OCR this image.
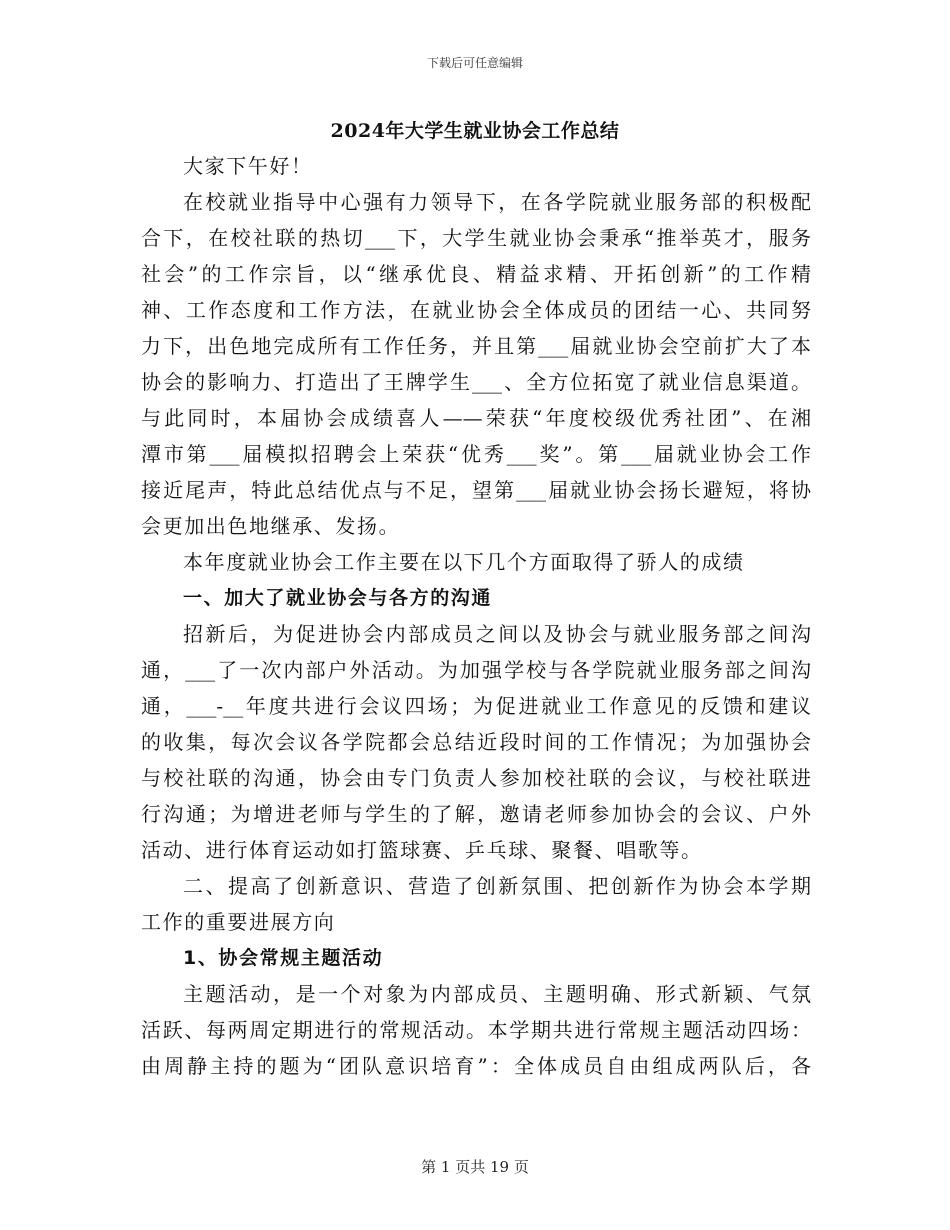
下载后可任意编辑
2024年大学生就业协会工作总结
大家下午好！
在校就业指导中心强有力领导下，在各学院就业服务部的积极配
合下，在校社联的热切___下，大学生就业协会秉承“推举英才，服务
社会”的工作宗旨，以“继承优良、精益求精、开拓创新”的工作精
神、工作态度和工作方法，在就业协会全体成员的团结一心、共同努
力下，出色地完成所有工作任务，并且第___届就业协会空前扩大了本
协会的影响力、打造出了王牌学生___、全方位拓宽了就业信息渠道。
与此同时，本届协会成绩喜人——荣获“年度校级优秀社团”、在湘
潭市第___届模拟招聘会上荣获“优秀___奖”。第___届就业协会工作
接近尾声，特此总结优点与不足，望第___届就业协会扬长避短，将协
会更加出色地继承、发扬。
本年度就业协会工作主要在以下几个方面取得了骄人的成绩
一、加大了就业协会与各方的沟通
招新后，为促进协会内部成员之间以及协会与就业服务部之间沟
通，___了一次内部户外活动。为加强学校与各学院就业服务部之间沟
通，___-__年度共进行会议四场；为促进就业工作意见的反馈和建议
的收集，每次会议各学院都会总结近段时间的工作情况；为加强协会
与校社联的沟通，协会由专门负责人参加校社联的会议，与校社联进
行沟通；为增进老师与学生的了解，邀请老师参加协会的会议、户外
活动、进行体育运动如打篮球赛、乒乓球、聚餐、唱歌等。
二、提高了创新意识、营造了创新氛围、把创新作为协会本学期
工作的重要进展方向
1、协会常规主题活动
主题活动，是一个对象为内部成员、主题明确、形式新颖、气氛
活跃、每两周定期进行的常规活动。本学期共进行常规主题活动四场：
由周静主持的题为“团队意识培育”：全体成员自由组成两队后，各
第 1 页共 19 页
